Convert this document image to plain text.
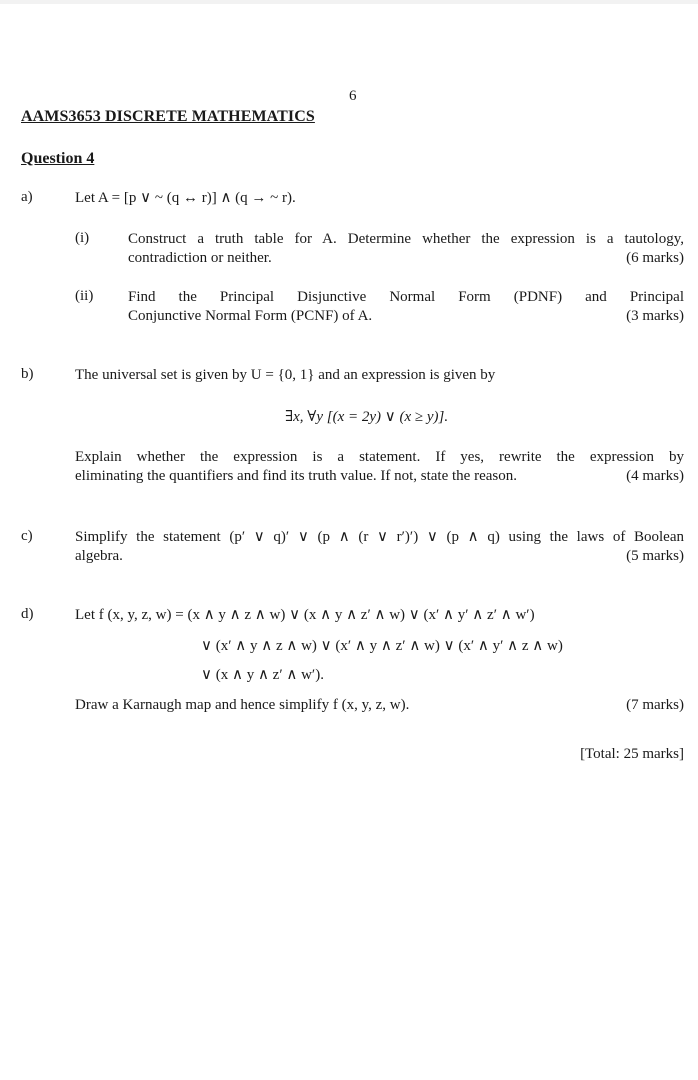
6
AAMS3653 DISCRETE MATHEMATICS
Question 4
a)	Let A = [p ∨ ~ (q ↔ r)] ∧ (q → ~ r).
(i)	Construct a truth table for A. Determine whether the expression is a tautology,
contradiction or neither.	(6 marks)
(ii) Find the Principal Disjunctive Normal Form (PDNF) and Principal
Conjunctive Normal Form (PCNF) of A.	(3 marks)
b)	The universal set is given by U = {0, 1} and an expression is given by
∃x, ∀y [(x = 2y) ∨ (x ≥ y)].
Explain whether the expression is a statement. If yes, rewrite the expression by
eliminating the quantifiers and find its truth value. If not, state the reason.	(4 marks)
c)	Simplify the statement (p′ ∨ q)′ ∨ (p ∧ (r ∨ r′)′) ∨ (p ∧ q) using the laws of Boolean
algebra.	(5 marks)
d)	Let f (x, y, z, w) = (x ∧ y ∧ z ∧ w) ∨ (x ∧ y ∧ z′ ∧ w) ∨ (x′ ∧ y′ ∧ z′ ∧ w′)
∨ (x′ ∧ y ∧ z ∧ w) ∨ (x′ ∧ y ∧ z′ ∧ w) ∨ (x′ ∧ y′ ∧ z ∧ w)
∨ (x ∧ y ∧ z′ ∧ w′).
Draw a Karnaugh map and hence simplify f (x, y, z, w).	(7 marks)
[Total: 25 marks]
